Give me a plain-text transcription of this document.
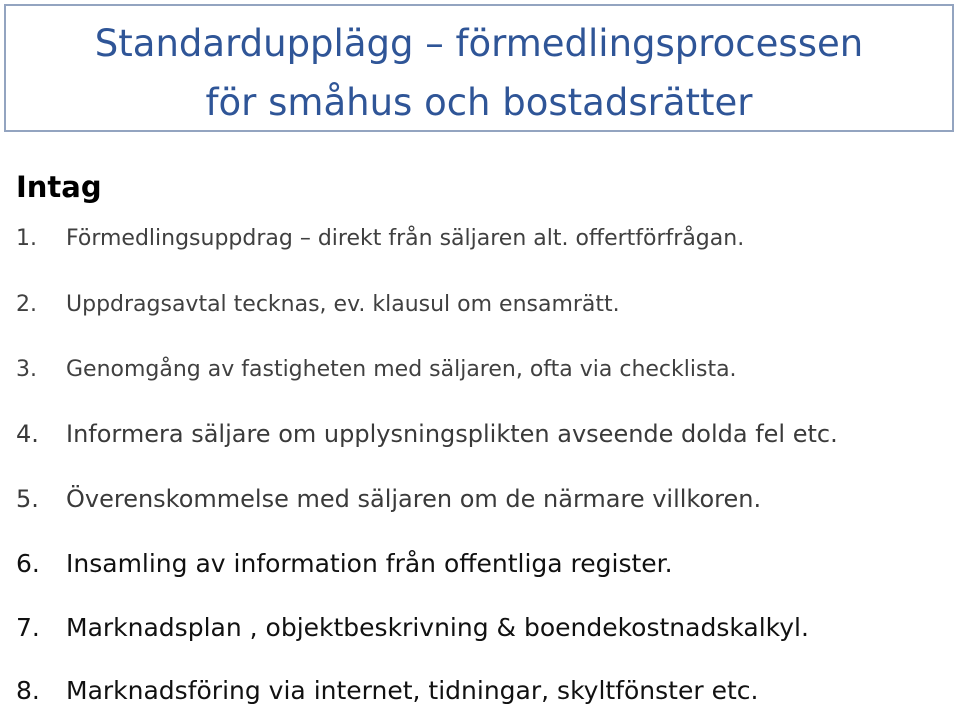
Standardupplägg – förmedlingsprocessen
för småhus och bostadsrätter
Intag
1. Förmedlingsuppdrag – direkt från säljaren alt. offertförfrågan.
2. Uppdragsavtal tecknas, ev. klausul om ensamrätt.
3. Genomgång av fastigheten med säljaren, ofta via checklista.
4. Informera säljare om upplysningsplikten avseende dolda fel etc.
5. Överenskommelse med säljaren om de närmare villkoren.
6. Insamling av information från offentliga register.
7. Marknadsplan , objektbeskrivning & boendekostnadskalkyl.
8. Marknadsföring via internet, tidningar, skyltfönster etc.
